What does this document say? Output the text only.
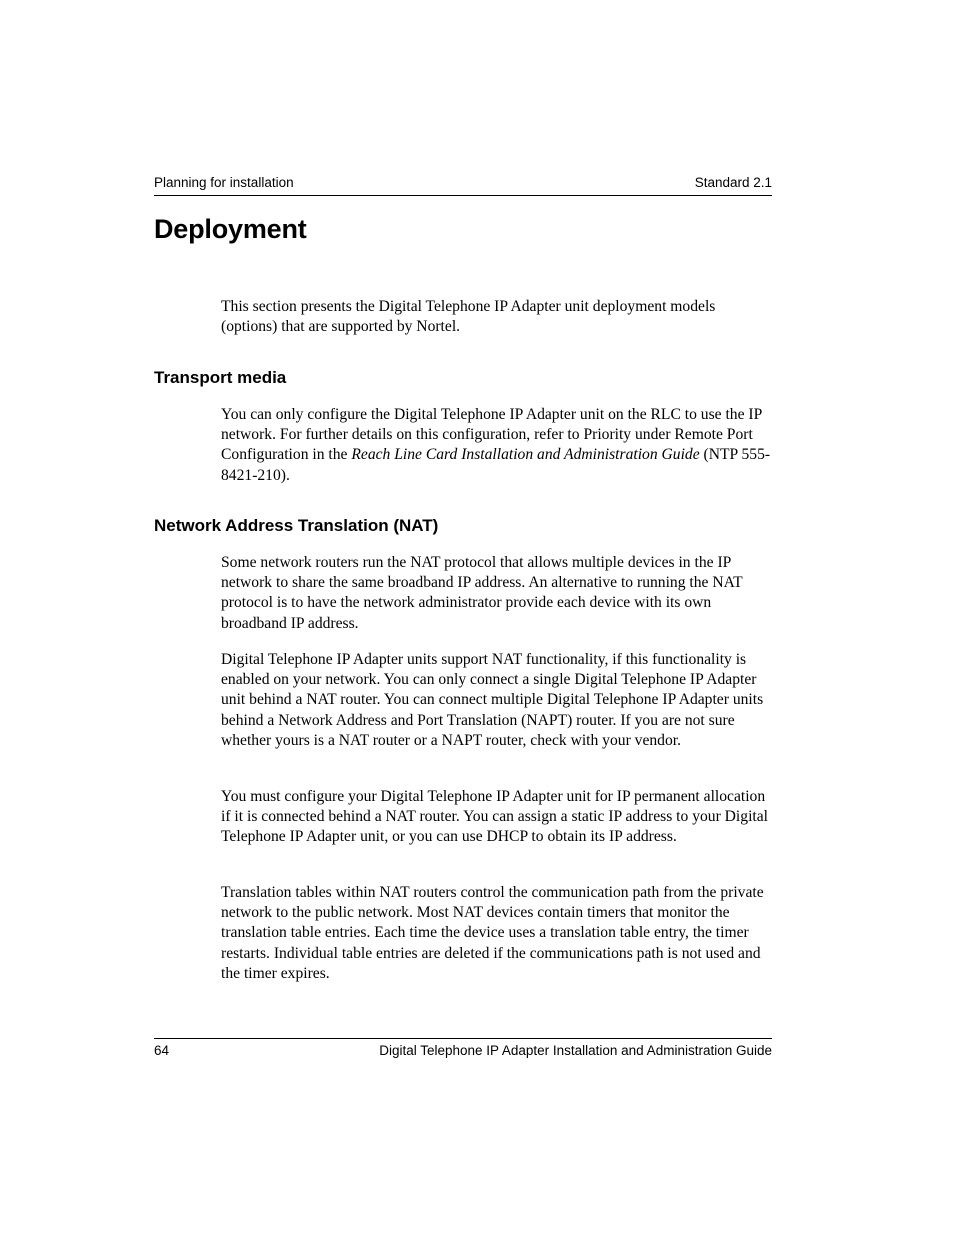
Planning for installation	Standard 2.1
Deployment

This section presents the Digital Telephone IP Adapter unit deployment models (options) that are supported by Nortel.

Transport media

You can only configure the Digital Telephone IP Adapter unit on the RLC to use the IP network. For further details on this configuration, refer to Priority under Remote Port Configuration in the Reach Line Card Installation and Administration Guide (NTP 555-8421-210).

Network Address Translation (NAT)

Some network routers run the NAT protocol that allows multiple devices in the IP network to share the same broadband IP address. An alternative to running the NAT protocol is to have the network administrator provide each device with its own broadband IP address.

Digital Telephone IP Adapter units support NAT functionality, if this functionality is enabled on your network. You can only connect a single Digital Telephone IP Adapter unit behind a NAT router. You can connect multiple Digital Telephone IP Adapter units behind a Network Address and Port Translation (NAPT) router. If you are not sure whether yours is a NAT router or a NAPT router, check with your vendor.

You must configure your Digital Telephone IP Adapter unit for IP permanent allocation if it is connected behind a NAT router. You can assign a static IP address to your Digital Telephone IP Adapter unit, or you can use DHCP to obtain its IP address.

Translation tables within NAT routers control the communication path from the private network to the public network. Most NAT devices contain timers that monitor the translation table entries. Each time the device uses a translation table entry, the timer restarts. Individual table entries are deleted if the communications path is not used and the timer expires.

64	Digital Telephone IP Adapter Installation and Administration Guide
